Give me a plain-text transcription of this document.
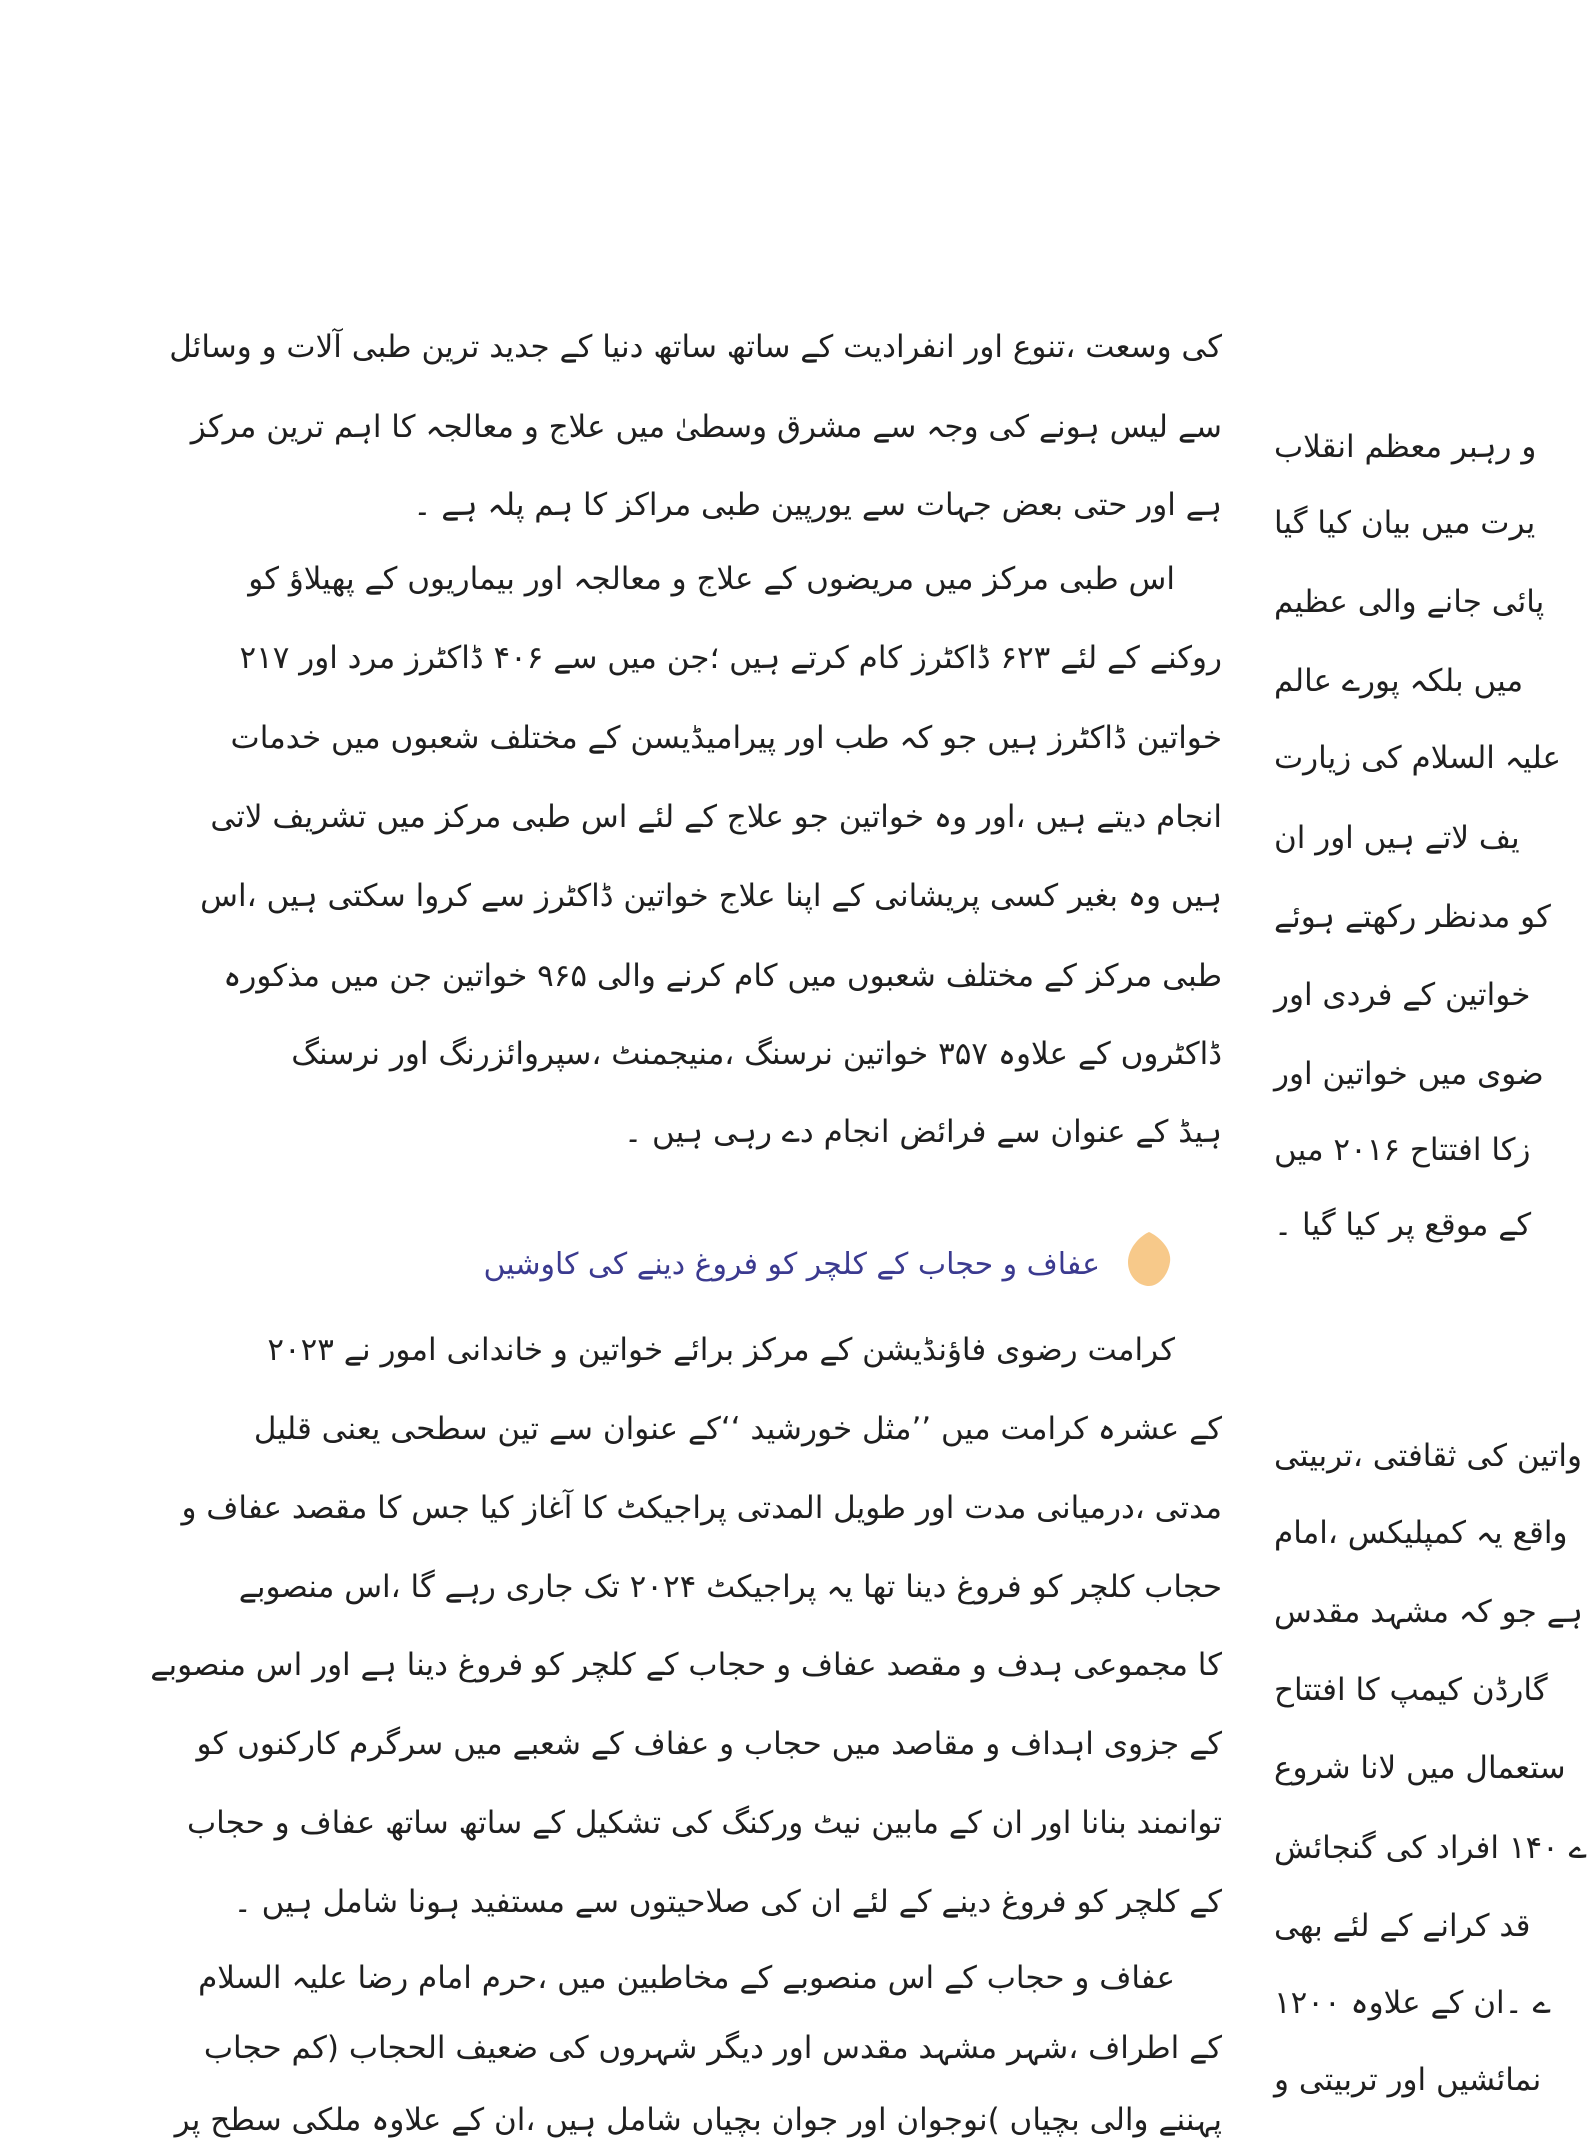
کی وسعت ،تنوع اور انفرادیت کے ساتھ ساتھ دنیا کے جدید ترین طبی آلات و وسائل
سے لیس ہونے کی وجہ سے مشرق وسطیٰ میں علاج و معالجہ کا اہم ترین مرکز
ہے اور حتی بعض جہات سے یورپین طبی مراکز کا ہم پلہ ہے ۔
اس طبی مرکز میں مریضوں کے علاج و معالجہ اور بیماریوں کے پھیلاؤ کو
روکنے کے لئے ۶۲۳ ڈاکٹرز کام کرتے ہیں ؛جن میں سے ۴۰۶ ڈاکٹرز مرد اور ۲۱۷
خواتین ڈاکٹرز ہیں جو کہ طب اور پیرامیڈیسن کے مختلف شعبوں میں خدمات
انجام دیتے ہیں ،اور وہ خواتین جو علاج کے لئے اس طبی مرکز میں تشریف لاتی
ہیں وہ بغیر کسی پریشانی کے اپنا علاج خواتین ڈاکٹرز سے کروا سکتی ہیں ،اس
طبی مرکز کے مختلف شعبوں میں کام کرنے والی ۹۶۵ خواتین جن میں مذکورہ
ڈاکٹروں کے علاوہ ۳۵۷ خواتین نرسنگ ،منیجمنٹ ،سپروائزرنگ اور نرسنگ
ہیڈ کے عنوان سے فرائض انجام دے رہی ہیں ۔
عفاف و حجاب کے کلچر کو فروغ دینے کی کاوشیں
کرامت رضوی فاؤنڈیشن کے مرکز برائے خواتین و خاندانی امور نے ۲۰۲۳
کے عشرہ کرامت میں ’’مثل خورشید ‘‘کے عنوان سے تین سطحی یعنی قلیل
مدتی ،درمیانی مدت اور طویل المدتی پراجیکٹ کا آغاز کیا جس کا مقصد عفاف و
حجاب کلچر کو فروغ دینا تھا یہ پراجیکٹ ۲۰۲۴ تک جاری رہے گا ،اس منصوبے
کا مجموعی ہدف و مقصد عفاف و حجاب کے کلچر کو فروغ دینا ہے اور اس منصوبے
کے جزوی اہداف و مقاصد میں حجاب و عفاف کے شعبے میں سرگرم کارکنوں کو
توانمند بنانا اور ان کے مابین نیٹ ورکنگ کی تشکیل کے ساتھ ساتھ عفاف و حجاب
کے کلچر کو فروغ دینے کے لئے ان کی صلاحیتوں سے مستفید ہونا شامل ہیں ۔
عفاف و حجاب کے اس منصوبے کے مخاطبین میں ،حرم امام رضا علیہ السلام
کے اطراف ،شہر مشہد مقدس اور دیگر شہروں کی ضعیف الحجاب (کم حجاب
پہننے والی بچیاں )نوجوان اور جوان بچیاں شامل ہیں ،ان کے علاوہ ملکی سطح پر
و رہبر معظم انقلاب
یرت میں بیان کیا گیا
پائی جانے والی عظیم
میں بلکہ پورے عالم
علیہ السلام کی زیارت
یف لاتے ہیں اور ان
کو مدنظر رکھتے ہوئے
خواتین کے فردی اور
ضوی میں خواتین اور
زکا افتتاح ۲۰۱۶ میں
کے موقع پر کیا گیا ۔
واتین کی ثقافتی ،تربیتی
واقع یہ کمپلیکس ،امام
ہے جو کہ مشہد مقدس
گارڈن کیمپ کا افتتاح
ستعمال میں لانا شروع
ے ۱۴۰ افراد کی گنجائش
قد کرانے کے لئے بھی
ے ۔ان کے علاوہ ۱۲۰۰
نمائشیں اور تربیتی و
